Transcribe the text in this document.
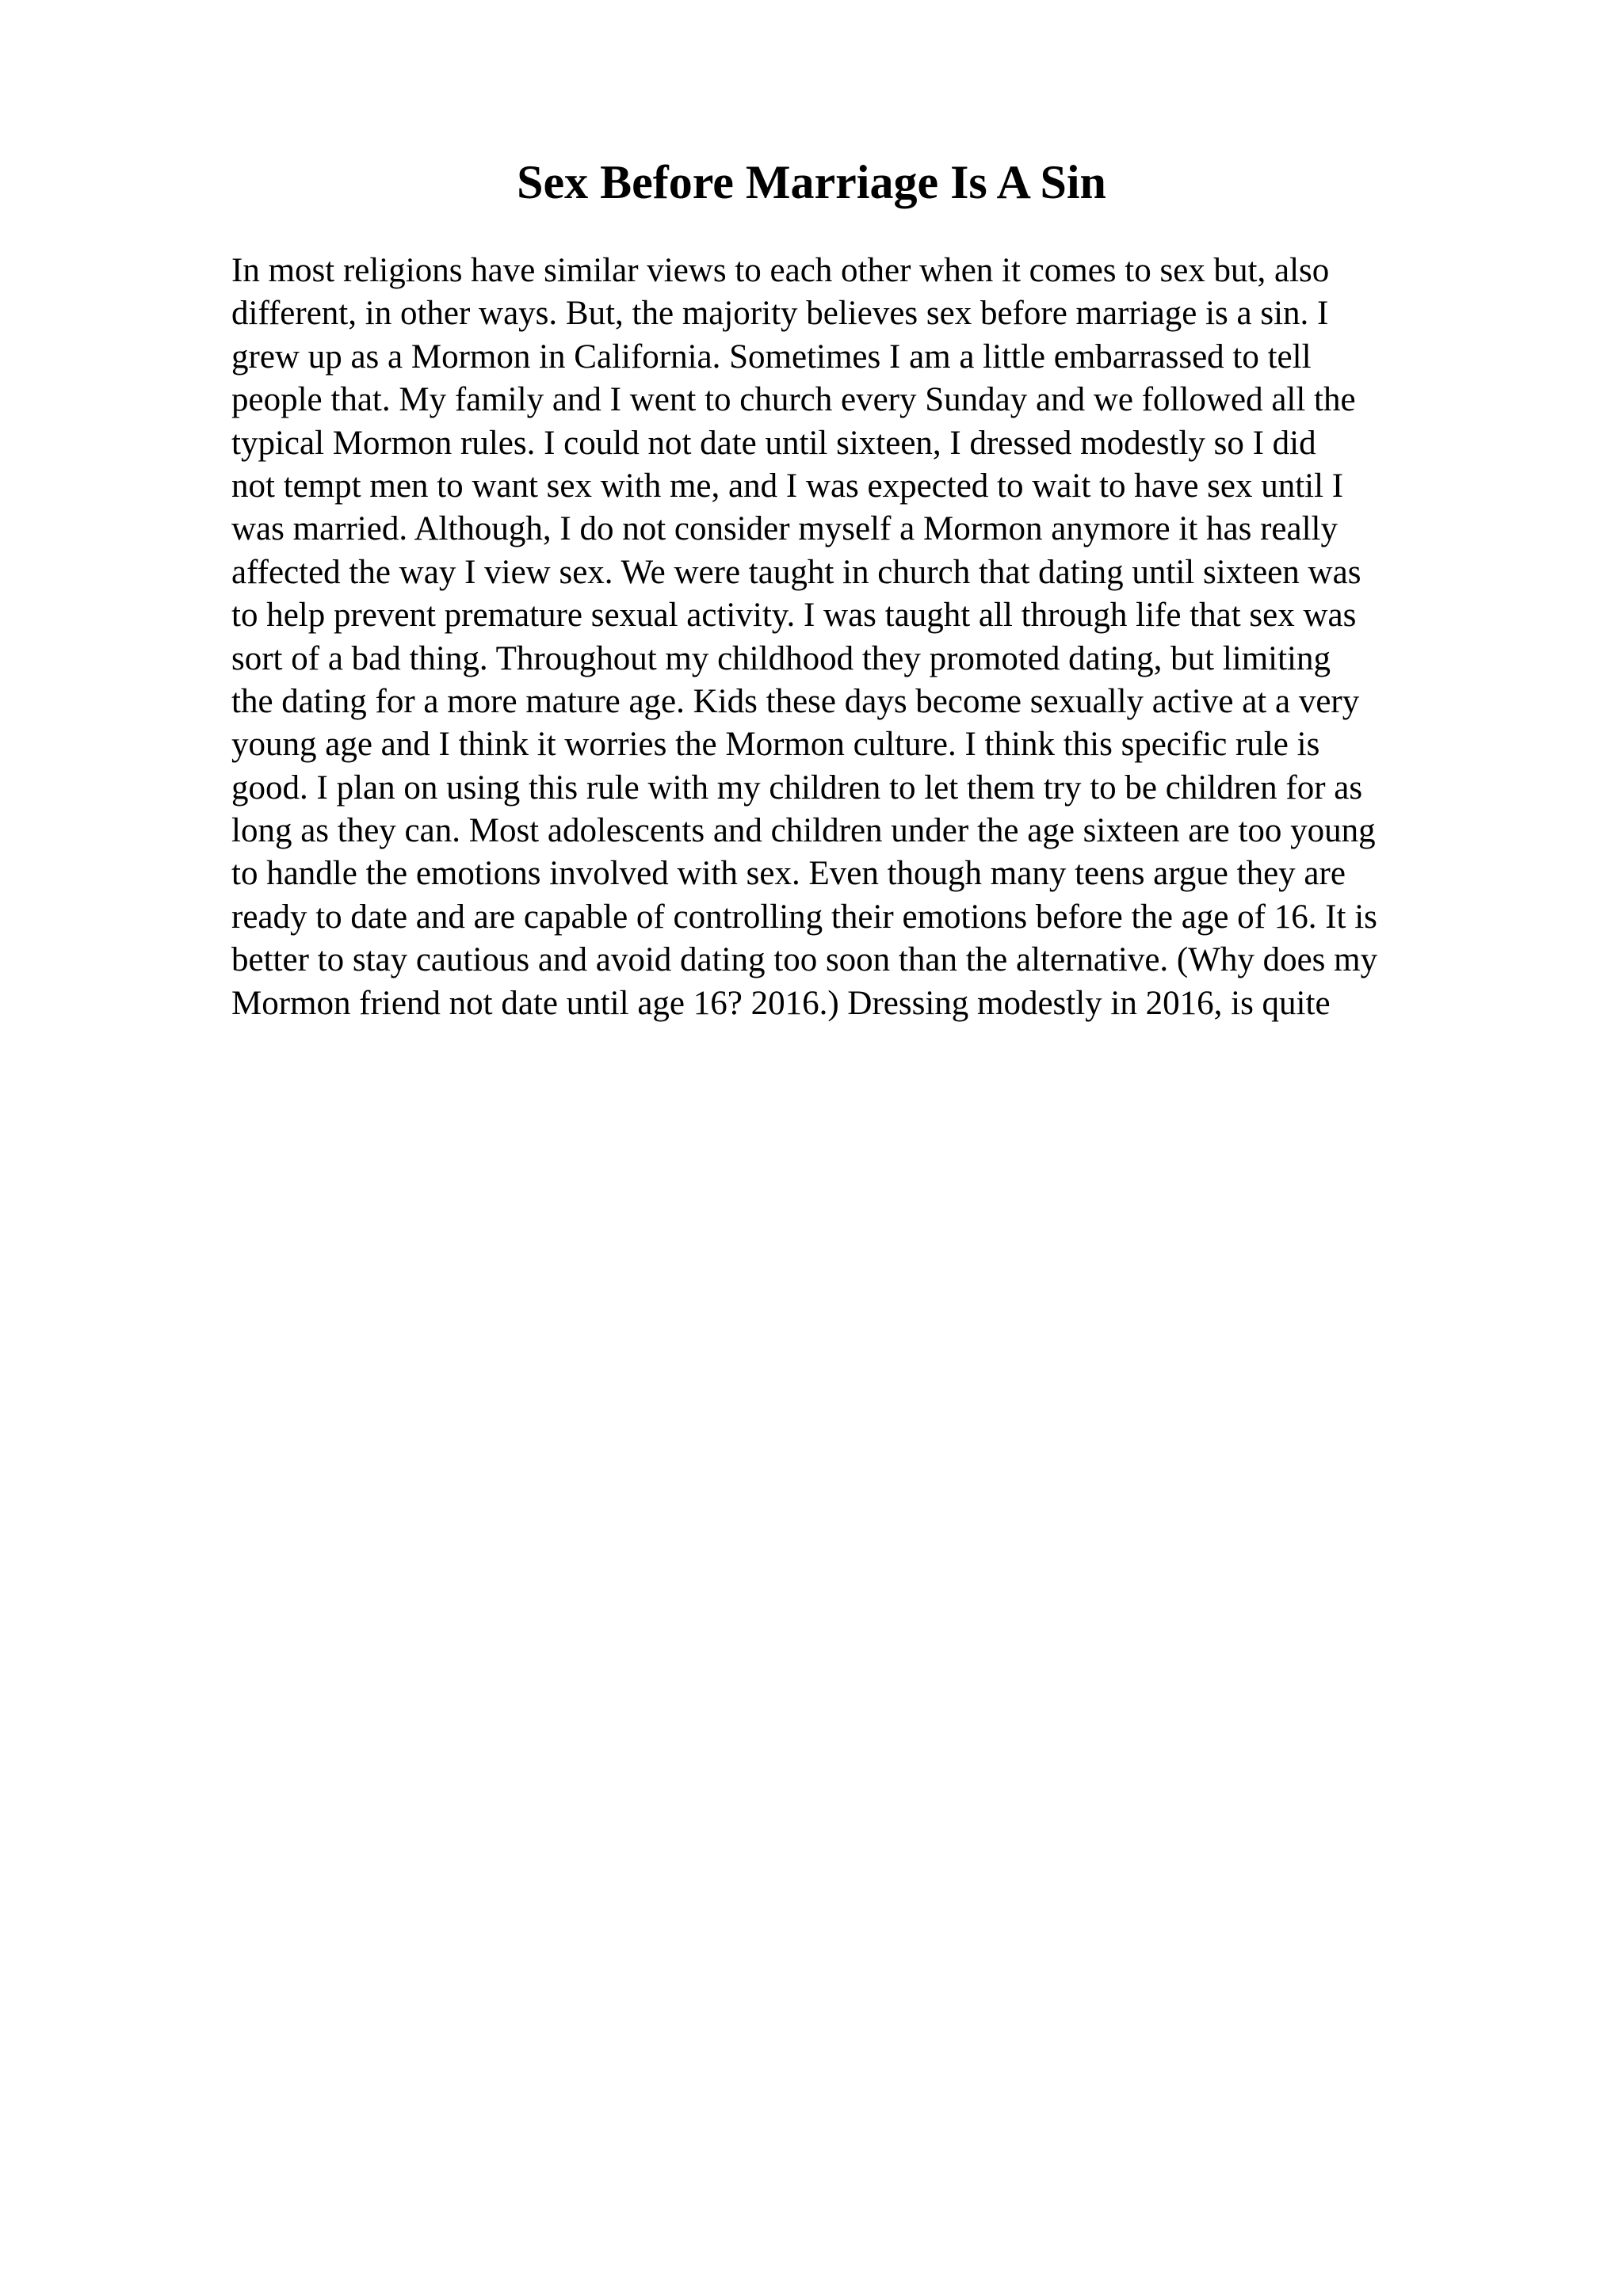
Sex Before Marriage Is A Sin
In most religions have similar views to each other when it comes to sex but, also
different, in other ways. But, the majority believes sex before marriage is a sin. I
grew up as a Mormon in California. Sometimes I am a little embarrassed to tell
people that. My family and I went to church every Sunday and we followed all the
typical Mormon rules. I could not date until sixteen, I dressed modestly so I did
not tempt men to want sex with me, and I was expected to wait to have sex until I
was married. Although, I do not consider myself a Mormon anymore it has really
affected the way I view sex. We were taught in church that dating until sixteen was
to help prevent premature sexual activity. I was taught all through life that sex was
sort of a bad thing. Throughout my childhood they promoted dating, but limiting
the dating for a more mature age. Kids these days become sexually active at a very
young age and I think it worries the Mormon culture. I think this specific rule is
good. I plan on using this rule with my children to let them try to be children for as
long as they can. Most adolescents and children under the age sixteen are too young
to handle the emotions involved with sex. Even though many teens argue they are
ready to date and are capable of controlling their emotions before the age of 16. It is
better to stay cautious and avoid dating too soon than the alternative. (Why does my
Mormon friend not date until age 16? 2016.) Dressing modestly in 2016, is quite
